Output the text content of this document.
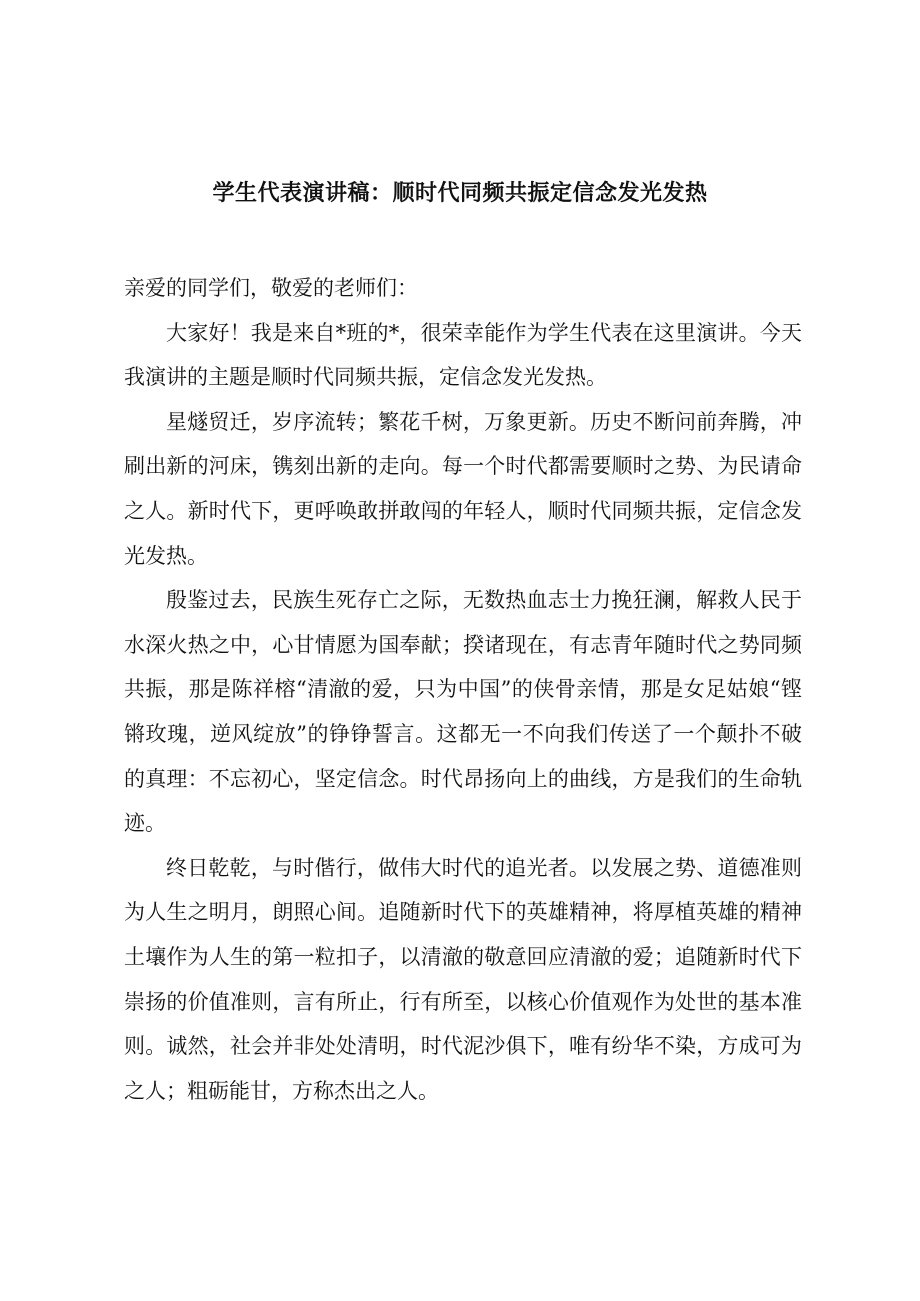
学生代表演讲稿：顺时代同频共振定信念发光发热

亲爱的同学们，敬爱的老师们：

大家好！我是来自*班的*，很荣幸能作为学生代表在这里演讲。今天我演讲的主题是顺时代同频共振，定信念发光发热。

星燧贸迁，岁序流转；繁花千树，万象更新。历史不断问前奔腾，冲刷出新的河床，镌刻出新的走向。每一个时代都需要顺时之势、为民请命之人。新时代下，更呼唤敢拼敢闯的年轻人，顺时代同频共振，定信念发光发热。

殷鉴过去，民族生死存亡之际，无数热血志士力挽狂澜，解救人民于水深火热之中，心甘情愿为国奉献；揆诸现在，有志青年随时代之势同频共振，那是陈祥榕“清澈的爱，只为中国”的侠骨亲情，那是女足姑娘“铿锵玫瑰，逆风绽放”的铮铮誓言。这都无一不向我们传送了一个颠扑不破的真理：不忘初心，坚定信念。时代昂扬向上的曲线，方是我们的生命轨迹。

终日乾乾，与时偕行，做伟大时代的追光者。以发展之势、道德准则为人生之明月，朗照心间。追随新时代下的英雄精神，将厚植英雄的精神土壤作为人生的第一粒扣子，以清澈的敬意回应清澈的爱；追随新时代下崇扬的价值准则，言有所止，行有所至，以核心价值观作为处世的基本准则。诚然，社会并非处处清明，时代泥沙俱下，唯有纷华不染，方成可为之人；粗砺能甘，方称杰出之人。
